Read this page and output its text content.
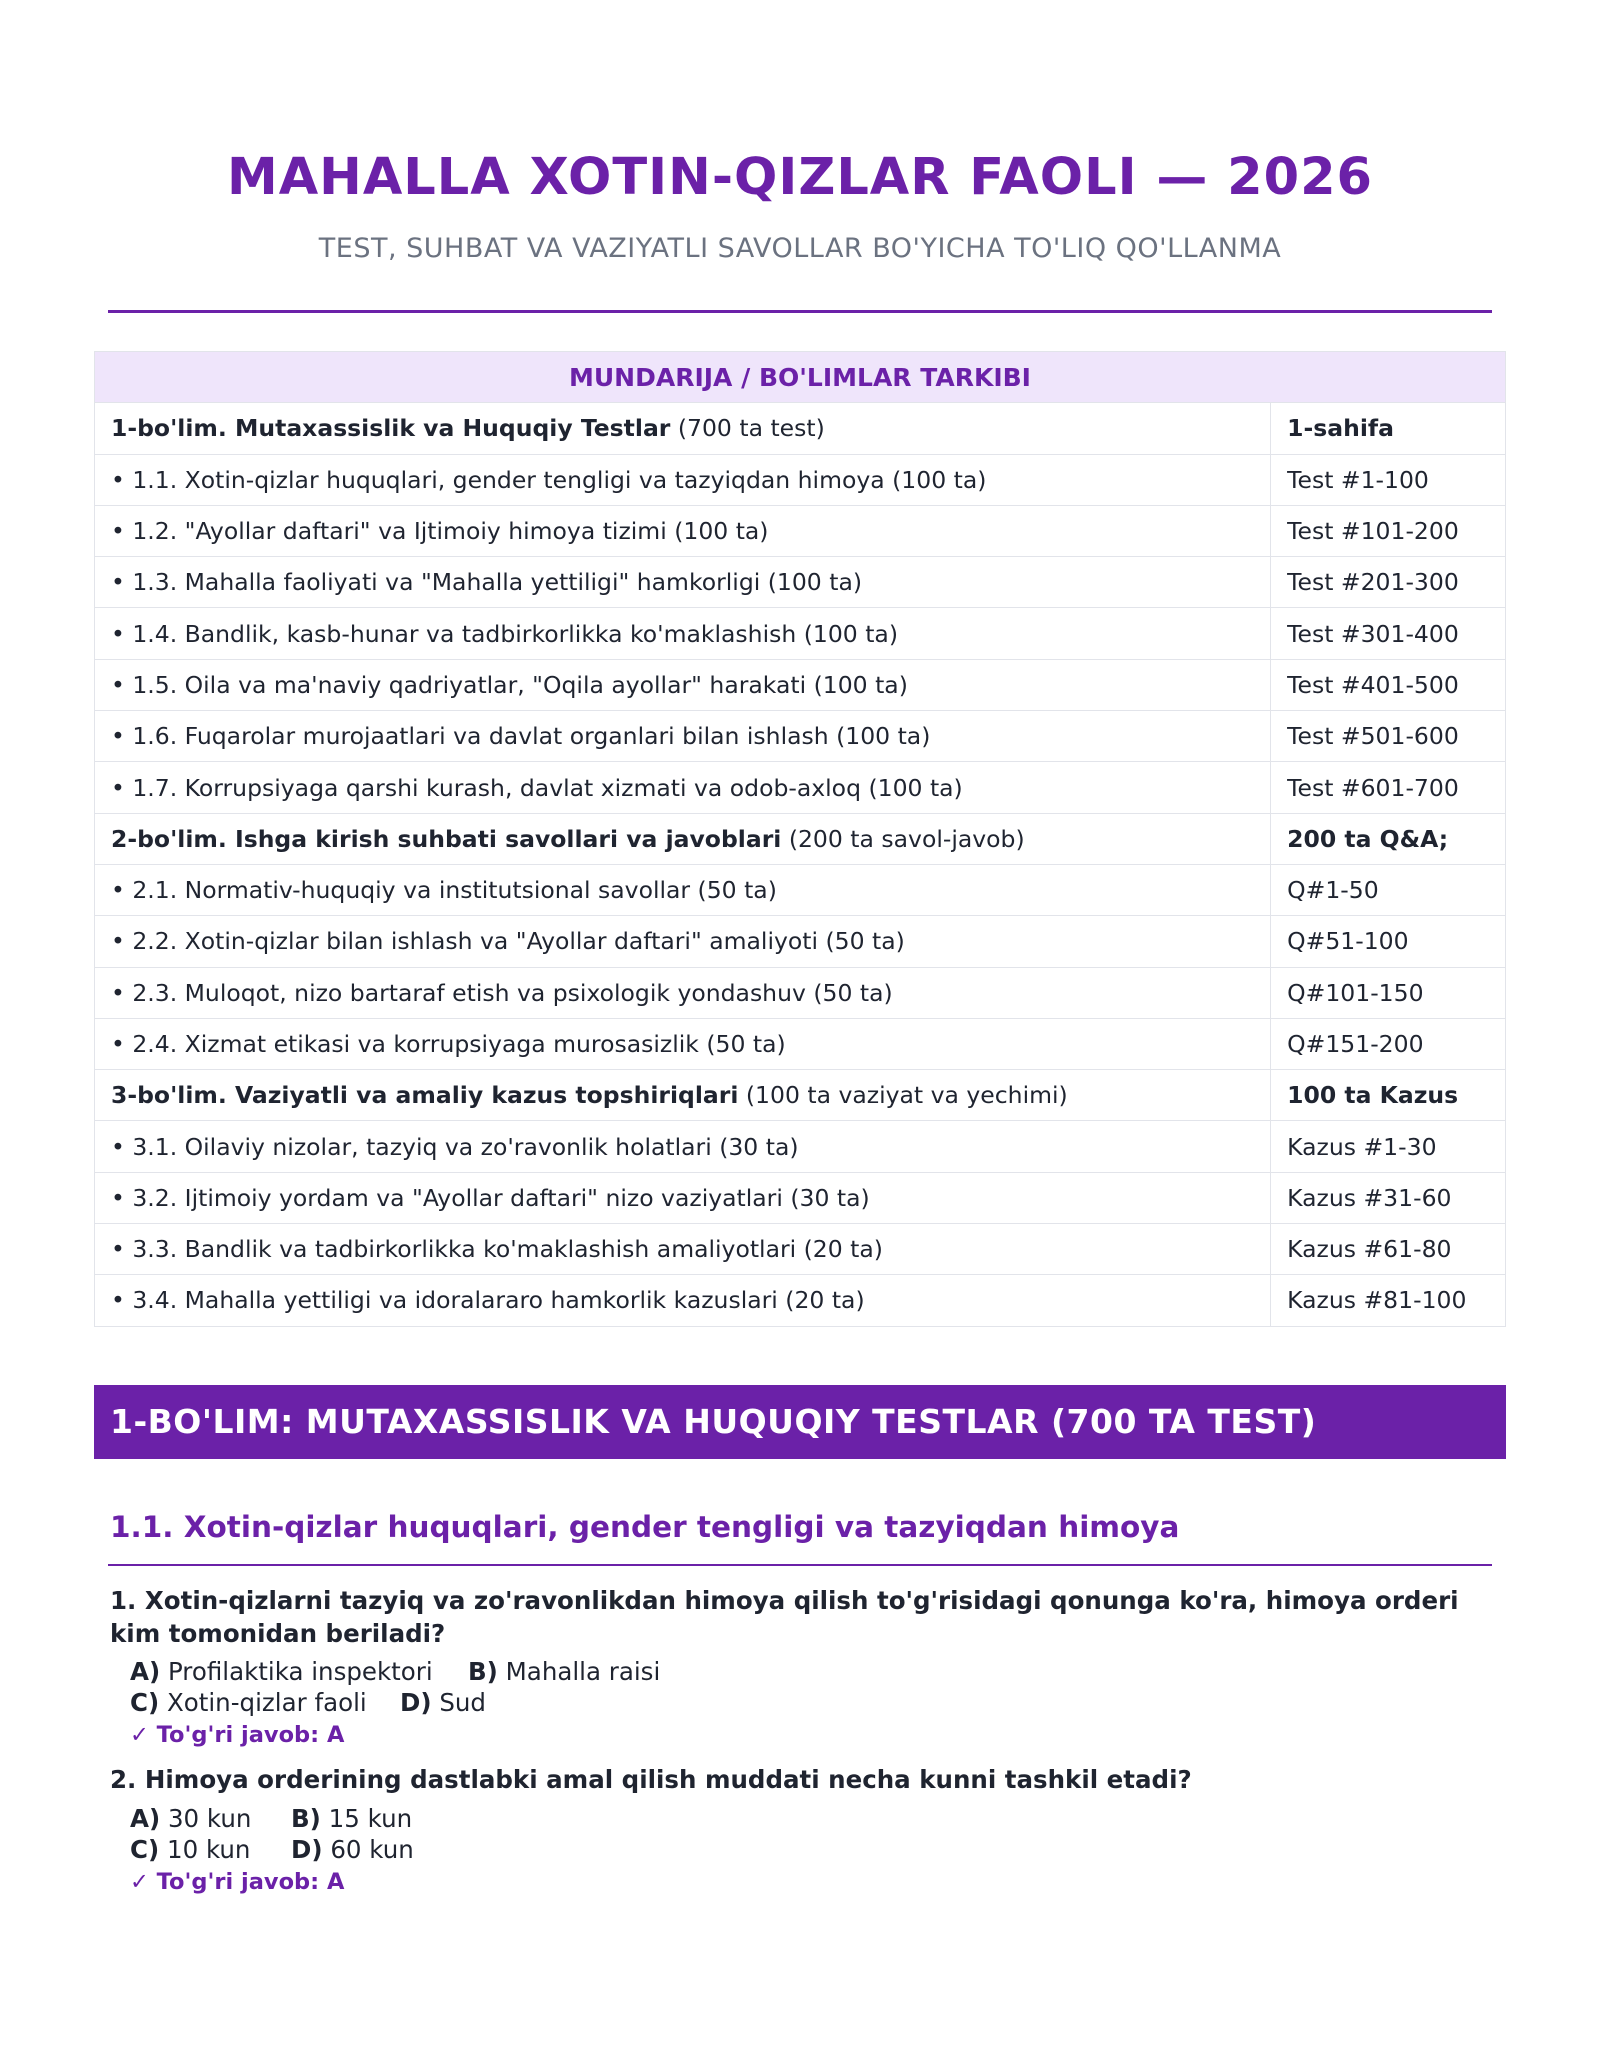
MAHALLA XOTIN-QIZLAR FAOLI — 2026
TEST, SUHBAT VA VAZIYATLI SAVOLLAR BO'YICHA TO'LIQ QO'LLANMA
MUNDARIJA / BO'LIMLAR TARKIBI	
1-bo'lim. Mutaxassislik va Huquqiy Testlar (700 ta test)	1-sahifa
• 1.1. Xotin-qizlar huquqlari, gender tengligi va tazyiqdan himoya (100 ta)	Test #1-100
• 1.2. "Ayollar daftari" va Ijtimoiy himoya tizimi (100 ta)	Test #101-200
• 1.3. Mahalla faoliyati va "Mahalla yettiligi" hamkorligi (100 ta)	Test #201-300
• 1.4. Bandlik, kasb-hunar va tadbirkorlikka ko'maklashish (100 ta)	Test #301-400
• 1.5. Oila va ma'naviy qadriyatlar, "Oqila ayollar" harakati (100 ta)	Test #401-500
• 1.6. Fuqarolar murojaatlari va davlat organlari bilan ishlash (100 ta)	Test #501-600
• 1.7. Korrupsiyaga qarshi kurash, davlat xizmati va odob-axloq (100 ta)	Test #601-700
2-bo'lim. Ishga kirish suhbati savollari va javoblari (200 ta savol-javob)	200 ta Q&A;
• 2.1. Normativ-huquqiy va institutsional savollar (50 ta)	Q#1-50
• 2.2. Xotin-qizlar bilan ishlash va "Ayollar daftari" amaliyoti (50 ta)	Q#51-100
• 2.3. Muloqot, nizo bartaraf etish va psixologik yondashuv (50 ta)	Q#101-150
• 2.4. Xizmat etikasi va korrupsiyaga murosasizlik (50 ta)	Q#151-200
3-bo'lim. Vaziyatli va amaliy kazus topshiriqlari (100 ta vaziyat va yechimi)	100 ta Kazus
• 3.1. Oilaviy nizolar, tazyiq va zo'ravonlik holatlari (30 ta)	Kazus #1-30
• 3.2. Ijtimoiy yordam va "Ayollar daftari" nizo vaziyatlari (30 ta)	Kazus #31-60
• 3.3. Bandlik va tadbirkorlikka ko'maklashish amaliyotlari (20 ta)	Kazus #61-80
• 3.4. Mahalla yettiligi va idoralararo hamkorlik kazuslari (20 ta)	Kazus #81-100
1-BO'LIM: MUTAXASSISLIK VA HUQUQIY TESTLAR (700 TA TEST)
1.1. Xotin-qizlar huquqlari, gender tengligi va tazyiqdan himoya
1. Xotin-qizlarni tazyiq va zo'ravonlikdan himoya qilish to'g'risidagi qonunga ko'ra, himoya orderi kim tomonidan beriladi?
A) Profilaktika inspektori B) Mahalla raisi
C) Xotin-qizlar faoli D) Sud
✓ To'g'ri javob: A
2. Himoya orderining dastlabki amal qilish muddati necha kunni tashkil etadi?
A) 30 kun B) 15 kun
C) 10 kun D) 60 kun
✓ To'g'ri javob: A
